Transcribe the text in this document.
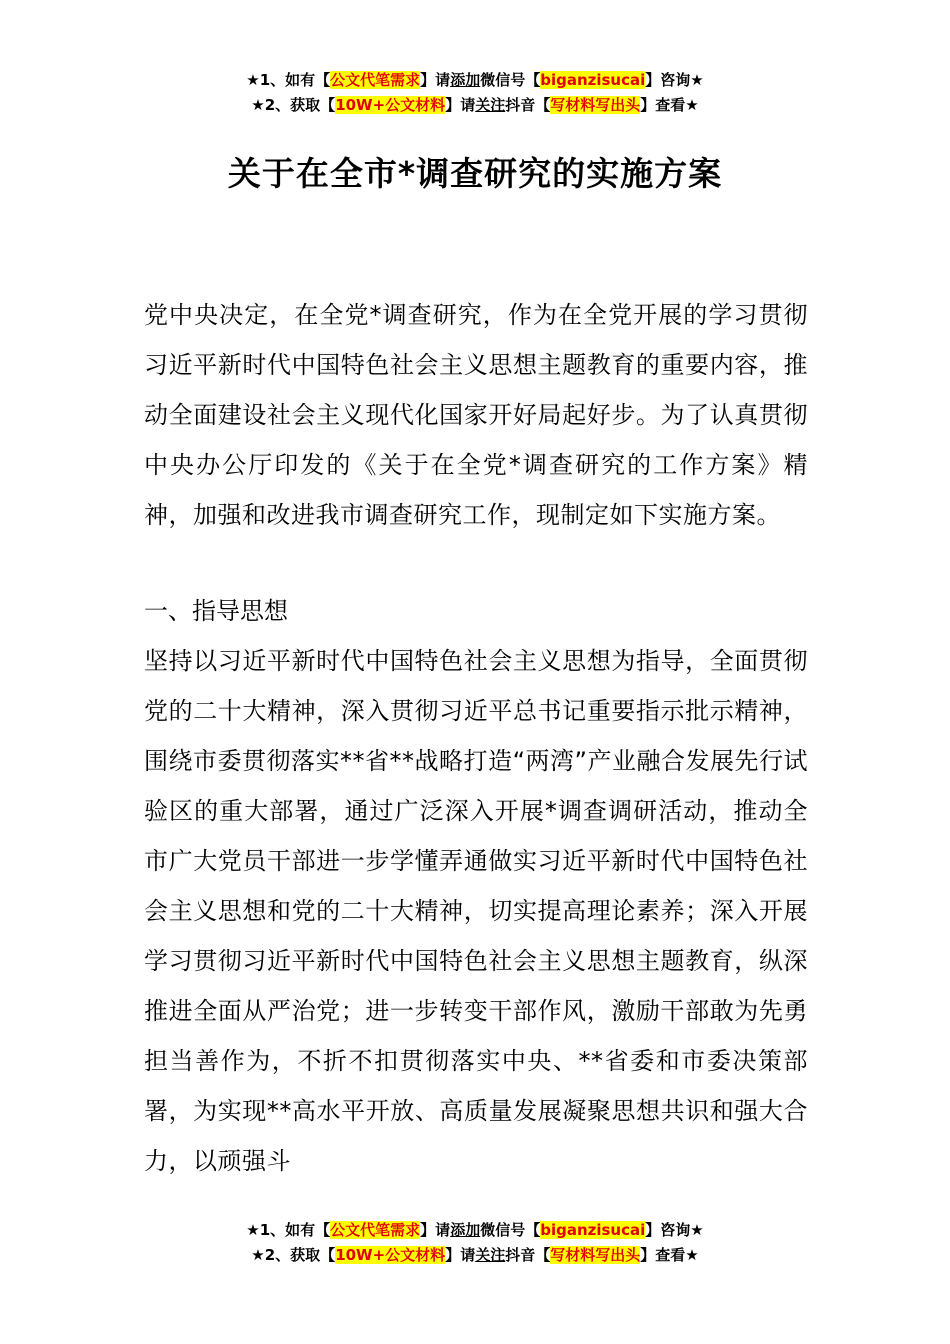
★1、如有【公文代笔需求】请添加微信号【biganzisucai】咨询★
★2、获取【10W+公文材料】请关注抖音【写材料写出头】查看★
关于在全市*调查研究的实施方案
党中央决定，在全党*调查研究，作为在全党开展的学习贯彻习近平新时代中国特色社会主义思想主题教育的重要内容，推动全面建设社会主义现代化国家开好局起好步。为了认真贯彻中央办公厅印发的《关于在全党*调查研究的工作方案》精神，加强和改进我市调查研究工作，现制定如下实施方案。
一、指导思想
坚持以习近平新时代中国特色社会主义思想为指导，全面贯彻党的二十大精神，深入贯彻习近平总书记重要指示批示精神，围绕市委贯彻落实**省**战略打造“两湾”产业融合发展先行试验区的重大部署，通过广泛深入开展*调查调研活动，推动全市广大党员干部进一步学懂弄通做实习近平新时代中国特色社会主义思想和党的二十大精神，切实提高理论素养；深入开展学习贯彻习近平新时代中国特色社会主义思想主题教育，纵深推进全面从严治党；进一步转变干部作风，激励干部敢为先勇担当善作为，不折不扣贯彻落实中央、**省委和市委决策部署，为实现**高水平开放、高质量发展凝聚思想共识和强大合力，以顽强斗
★1、如有【公文代笔需求】请添加微信号【biganzisucai】咨询★
★2、获取【10W+公文材料】请关注抖音【写材料写出头】查看★
